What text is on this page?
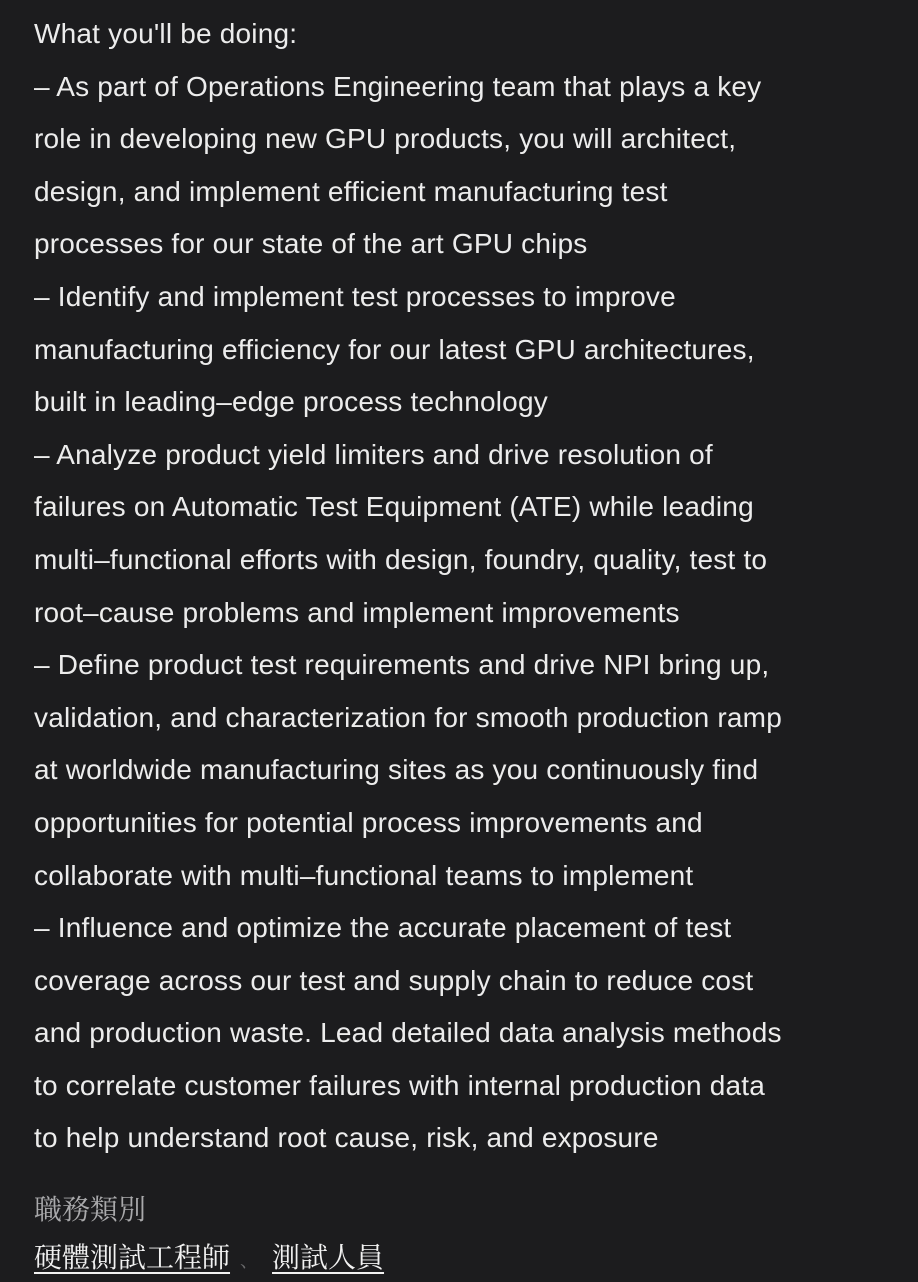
What you'll be doing:
– As part of Operations Engineering team that plays a key
role in developing new GPU products, you will architect,
design, and implement efficient manufacturing test
processes for our state of the art GPU chips
– Identify and implement test processes to improve
manufacturing efficiency for our latest GPU architectures,
built in leading–edge process technology
– Analyze product yield limiters and drive resolution of
failures on Automatic Test Equipment (ATE) while leading
multi–functional efforts with design, foundry, quality, test to
root–cause problems and implement improvements
– Define product test requirements and drive NPI bring up,
validation, and characterization for smooth production ramp
at worldwide manufacturing sites as you continuously find
opportunities for potential process improvements and
collaborate with multi–functional teams to implement
– Influence and optimize the accurate placement of test
coverage across our test and supply chain to reduce cost
and production waste. Lead detailed data analysis methods
to correlate customer failures with internal production data
to help understand root cause, risk, and exposure
職務類別
硬體測試工程師 、 測試人員
